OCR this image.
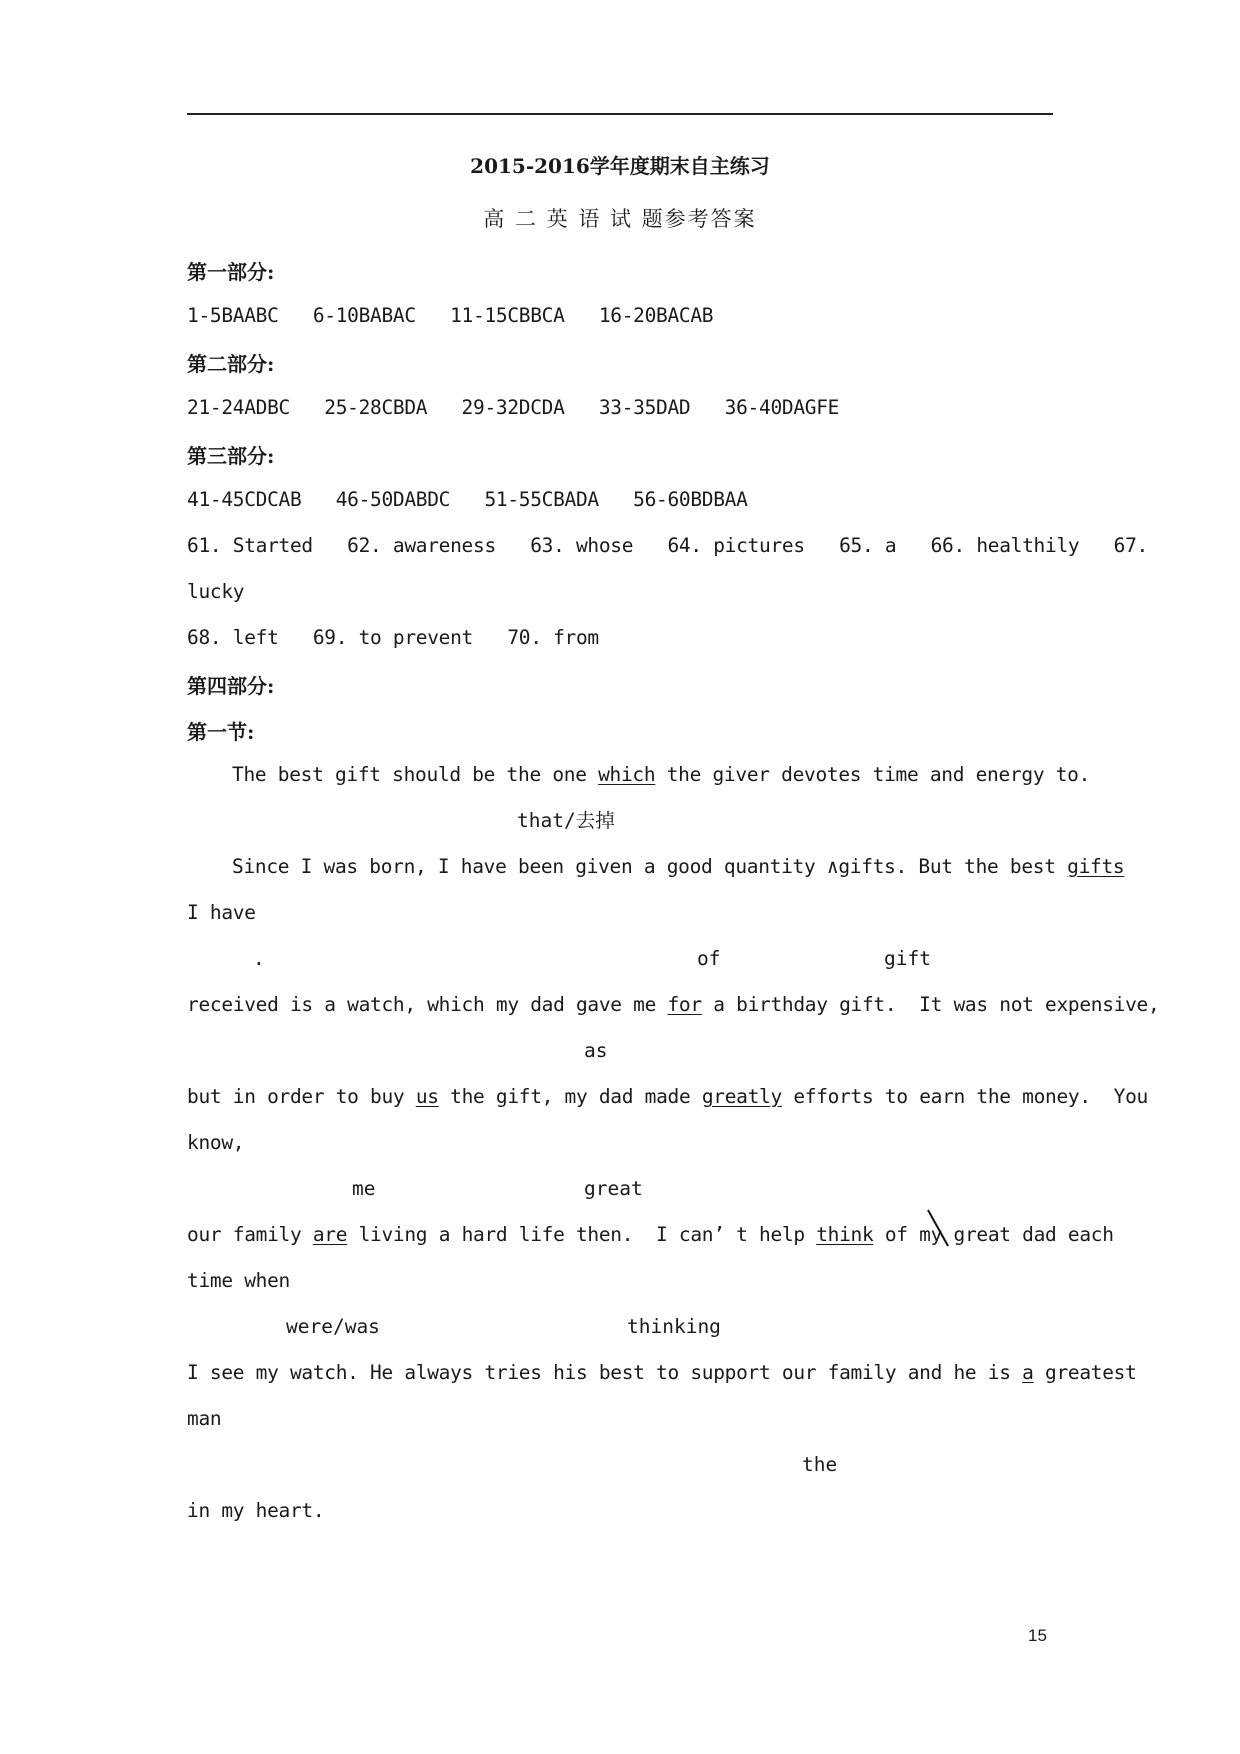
2015-2016学年度期末自主练习
高 二 英 语 试 题参考答案
第一部分:
1-5BAABC   6-10BABAC   11-15CBBCA   16-20BACAB
第二部分:
21-24ADBC   25-28CBDA   29-32DCDA   33-35DAD   36-40DAGFE
第三部分:
41-45CDCAB   46-50DABDC   51-55CBADA   56-60BDBAA
61. Started   62. awareness   63. whose   64. pictures   65. a   66. healthily   67.
lucky
68. left   69. to prevent   70. from
第四部分:
第一节:
The best gift should be the one which the giver devotes time and energy to.
that/去掉
Since I was born, I have been given a good quantity ∧gifts. But the best gifts
I have
.	of	gift
received is a watch, which my dad gave me for a birthday gift.  It was not expensive,
as
but in order to buy us the gift, my dad made greatly efforts to earn the money.  You
know,
me	great
our family are living a hard life then.  I can’ t help think of my great dad each
time when
were/was	thinking
I see my watch. He always tries his best to support our family and he is a greatest
man
the
in my heart.
15
